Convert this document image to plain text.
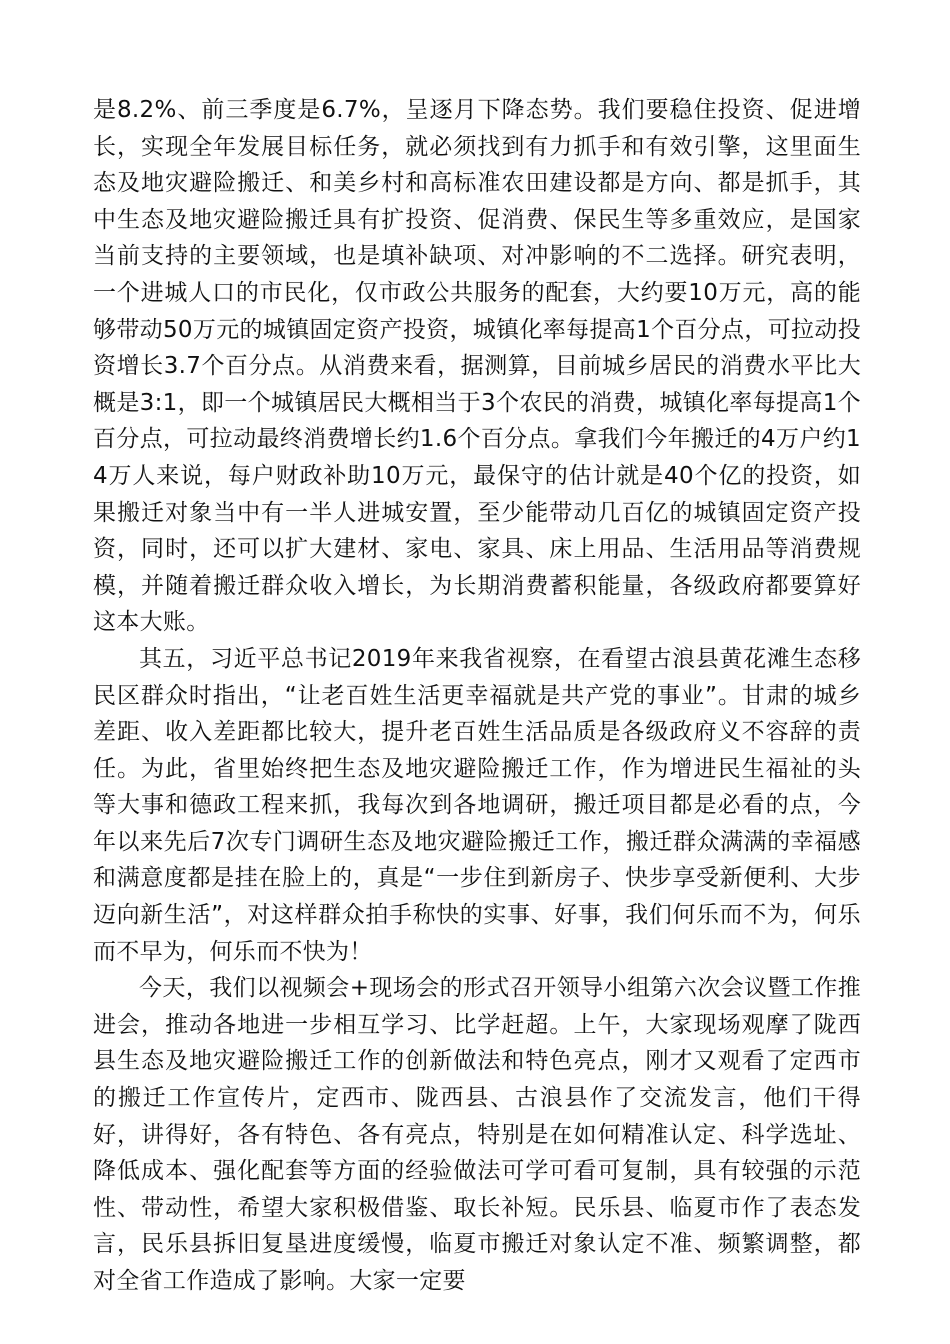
是8.2%、前三季度是6.7%，呈逐月下降态势。我们要稳住投资、促进增长，实现全年发展目标任务，就必须找到有力抓手和有效引擎，这里面生态及地灾避险搬迁、和美乡村和高标准农田建设都是方向、都是抓手，其中生态及地灾避险搬迁具有扩投资、促消费、保民生等多重效应，是国家当前支持的主要领域，也是填补缺项、对冲影响的不二选择。研究表明，一个进城人口的市民化，仅市政公共服务的配套，大约要10万元，高的能够带动50万元的城镇固定资产投资，城镇化率每提高1个百分点，可拉动投资增长3.7个百分点。从消费来看，据测算，目前城乡居民的消费水平比大概是3:1，即一个城镇居民大概相当于3个农民的消费，城镇化率每提高1个百分点，可拉动最终消费增长约1.6个百分点。拿我们今年搬迁的4万户约14万人来说，每户财政补助10万元，最保守的估计就是40个亿的投资，如果搬迁对象当中有一半人进城安置，至少能带动几百亿的城镇固定资产投资，同时，还可以扩大建材、家电、家具、床上用品、生活用品等消费规模，并随着搬迁群众收入增长，为长期消费蓄积能量，各级政府都要算好这本大账。

其五，习近平总书记2019年来我省视察，在看望古浪县黄花滩生态移民区群众时指出，“让老百姓生活更幸福就是共产党的事业”。甘肃的城乡差距、收入差距都比较大，提升老百姓生活品质是各级政府义不容辞的责任。为此，省里始终把生态及地灾避险搬迁工作，作为增进民生福祉的头等大事和德政工程来抓，我每次到各地调研，搬迁项目都是必看的点，今年以来先后7次专门调研生态及地灾避险搬迁工作，搬迁群众满满的幸福感和满意度都是挂在脸上的，真是“一步住到新房子、快步享受新便利、大步迈向新生活”，对这样群众拍手称快的实事、好事，我们何乐而不为，何乐而不早为，何乐而不快为！

今天，我们以视频会+现场会的形式召开领导小组第六次会议暨工作推进会，推动各地进一步相互学习、比学赶超。上午，大家现场观摩了陇西县生态及地灾避险搬迁工作的创新做法和特色亮点，刚才又观看了定西市的搬迁工作宣传片，定西市、陇西县、古浪县作了交流发言，他们干得好，讲得好，各有特色、各有亮点，特别是在如何精准认定、科学选址、降低成本、强化配套等方面的经验做法可学可看可复制，具有较强的示范性、带动性，希望大家积极借鉴、取长补短。民乐县、临夏市作了表态发言，民乐县拆旧复垦进度缓慢，临夏市搬迁对象认定不准、频繁调整，都对全省工作造成了影响。大家一定要
